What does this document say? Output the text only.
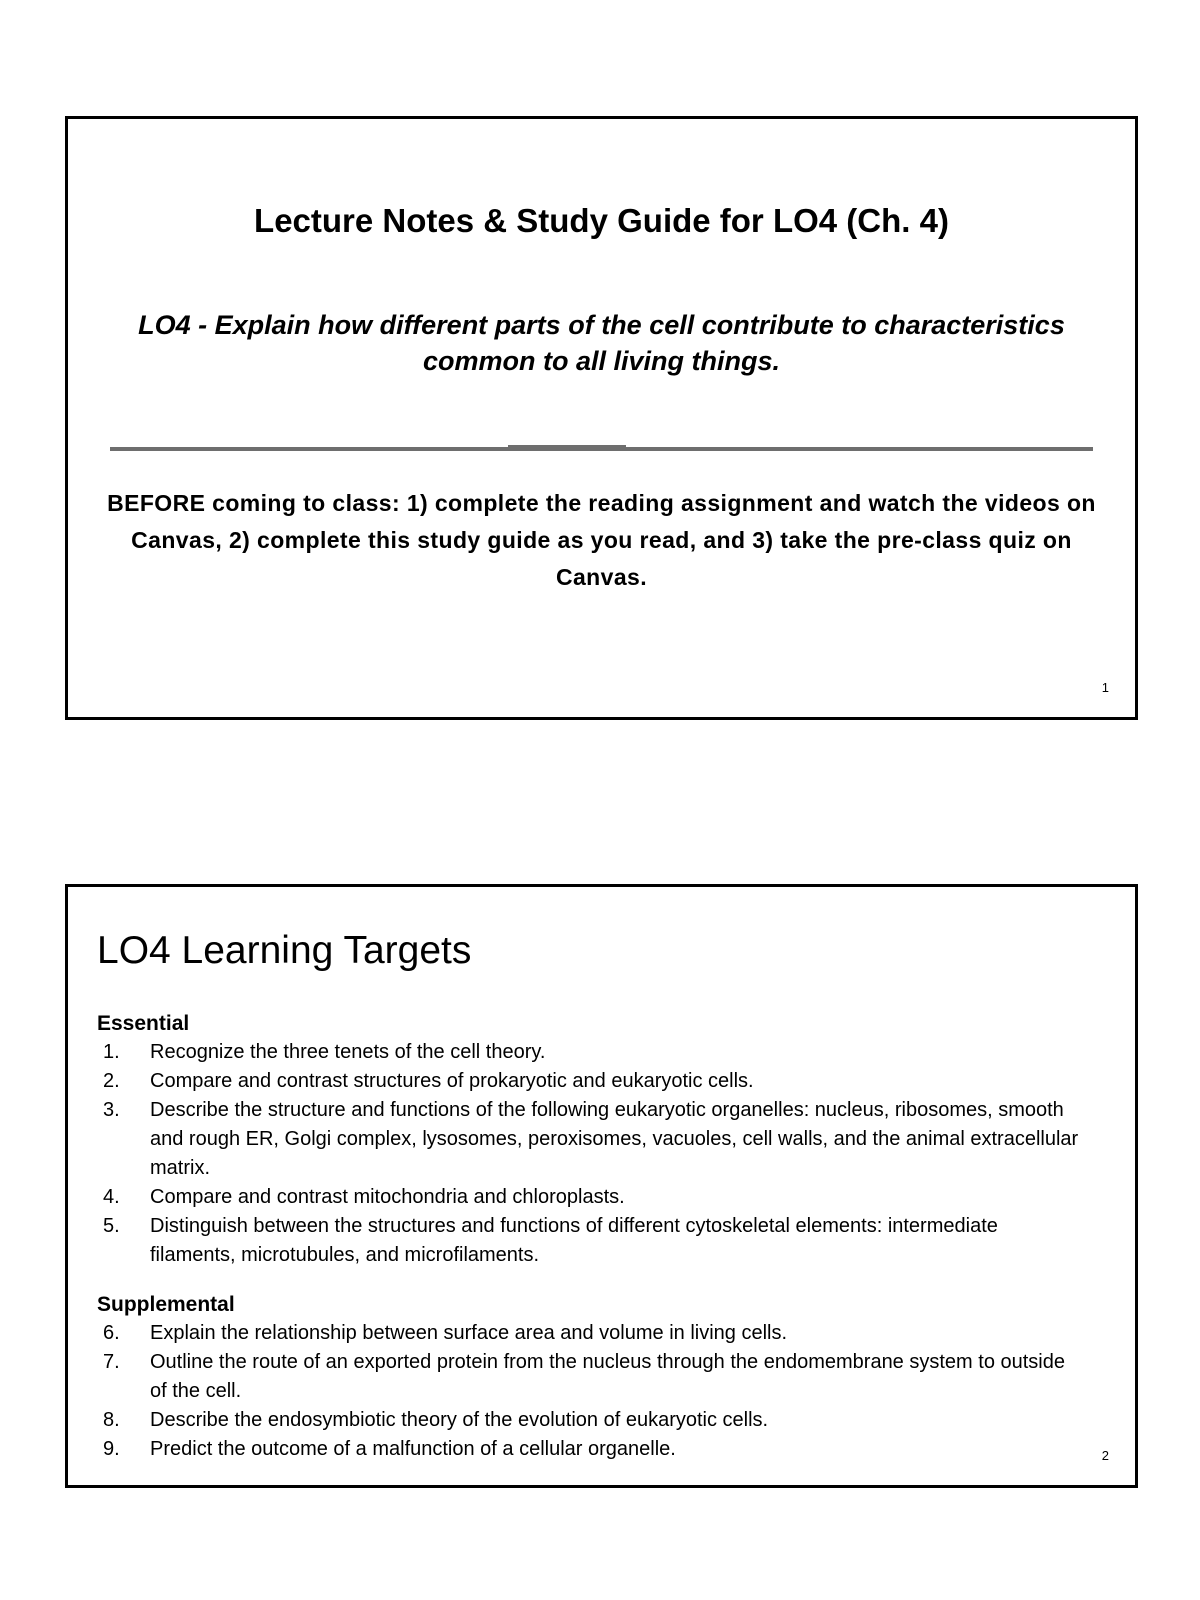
Lecture Notes & Study Guide for LO4 (Ch. 4)
LO4 - Explain how different parts of the cell contribute to characteristics common to all living things.
BEFORE coming to class: 1) complete the reading assignment and watch the videos on Canvas, 2) complete this study guide as you read, and 3) take the pre-class quiz on Canvas.
1
LO4 Learning Targets
Essential
1. Recognize the three tenets of the cell theory.
2. Compare and contrast structures of prokaryotic and eukaryotic cells.
3. Describe the structure and functions of the following eukaryotic organelles: nucleus, ribosomes, smooth and rough ER, Golgi complex, lysosomes, peroxisomes, vacuoles, cell walls, and the animal extracellular matrix.
4. Compare and contrast mitochondria and chloroplasts.
5. Distinguish between the structures and functions of different cytoskeletal elements: intermediate filaments, microtubules, and microfilaments.
Supplemental
6. Explain the relationship between surface area and volume in living cells.
7. Outline the route of an exported protein from the nucleus through the endomembrane system to outside of the cell.
8. Describe the endosymbiotic theory of the evolution of eukaryotic cells.
9. Predict the outcome of a malfunction of a cellular organelle.	2
